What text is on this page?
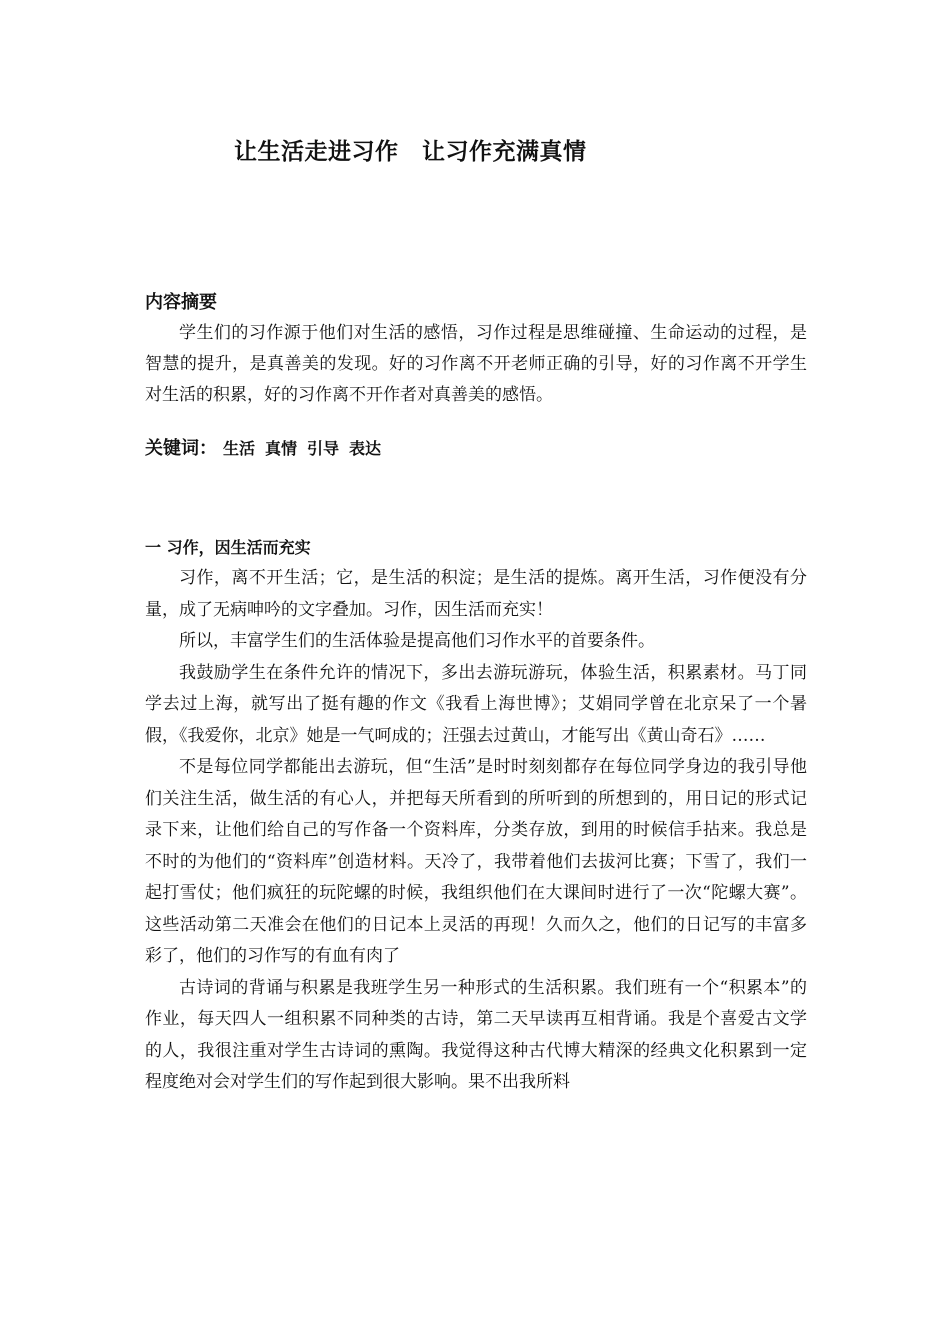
让生活走进习作　让习作充满真情
内容摘要

学生们的习作源于他们对生活的感悟，习作过程是思维碰撞、生命运动的过程，是智慧的提升，是真善美的发现。好的习作离不开老师正确的引导，好的习作离不开学生对生活的积累，好的习作离不开作者对真善美的感悟。

关键词： 生活 真情 引导 表达
一 习作，因生活而充实

习作，离不开生活；它，是生活的积淀；是生活的提炼。离开生活，习作便没有分量，成了无病呻吟的文字叠加。习作，因生活而充实！

所以，丰富学生们的生活体验是提高他们习作水平的首要条件。

我鼓励学生在条件允许的情况下，多出去游玩游玩，体验生活，积累素材。马丁同学去过上海，就写出了挺有趣的作文《我看上海世博》；艾娟同学曾在北京呆了一个暑假，《我爱你，北京》她是一气呵成的；汪强去过黄山，才能写出《黄山奇石》……

不是每位同学都能出去游玩，但“生活”是时时刻刻都存在每位同学身边的我引导他们关注生活，做生活的有心人，并把每天所看到的所听到的所想到的，用日记的形式记录下来，让他们给自己的写作备一个资料库，分类存放，到用的时候信手拈来。我总是不时的为他们的“资料库”创造材料。天冷了，我带着他们去拔河比赛；下雪了，我们一起打雪仗；他们疯狂的玩陀螺的时候，我组织他们在大课间时进行了一次“陀螺大赛”。这些活动第二天准会在他们的日记本上灵活的再现！久而久之，他们的日记写的丰富多彩了，他们的习作写的有血有肉了

古诗词的背诵与积累是我班学生另一种形式的生活积累。我们班有一个“积累本”的作业，每天四人一组积累不同种类的古诗，第二天早读再互相背诵。我是个喜爱古文学的人，我很注重对学生古诗词的熏陶。我觉得这种古代博大精深的经典文化积累到一定程度绝对会对学生们的写作起到很大影响。果不出我所料
